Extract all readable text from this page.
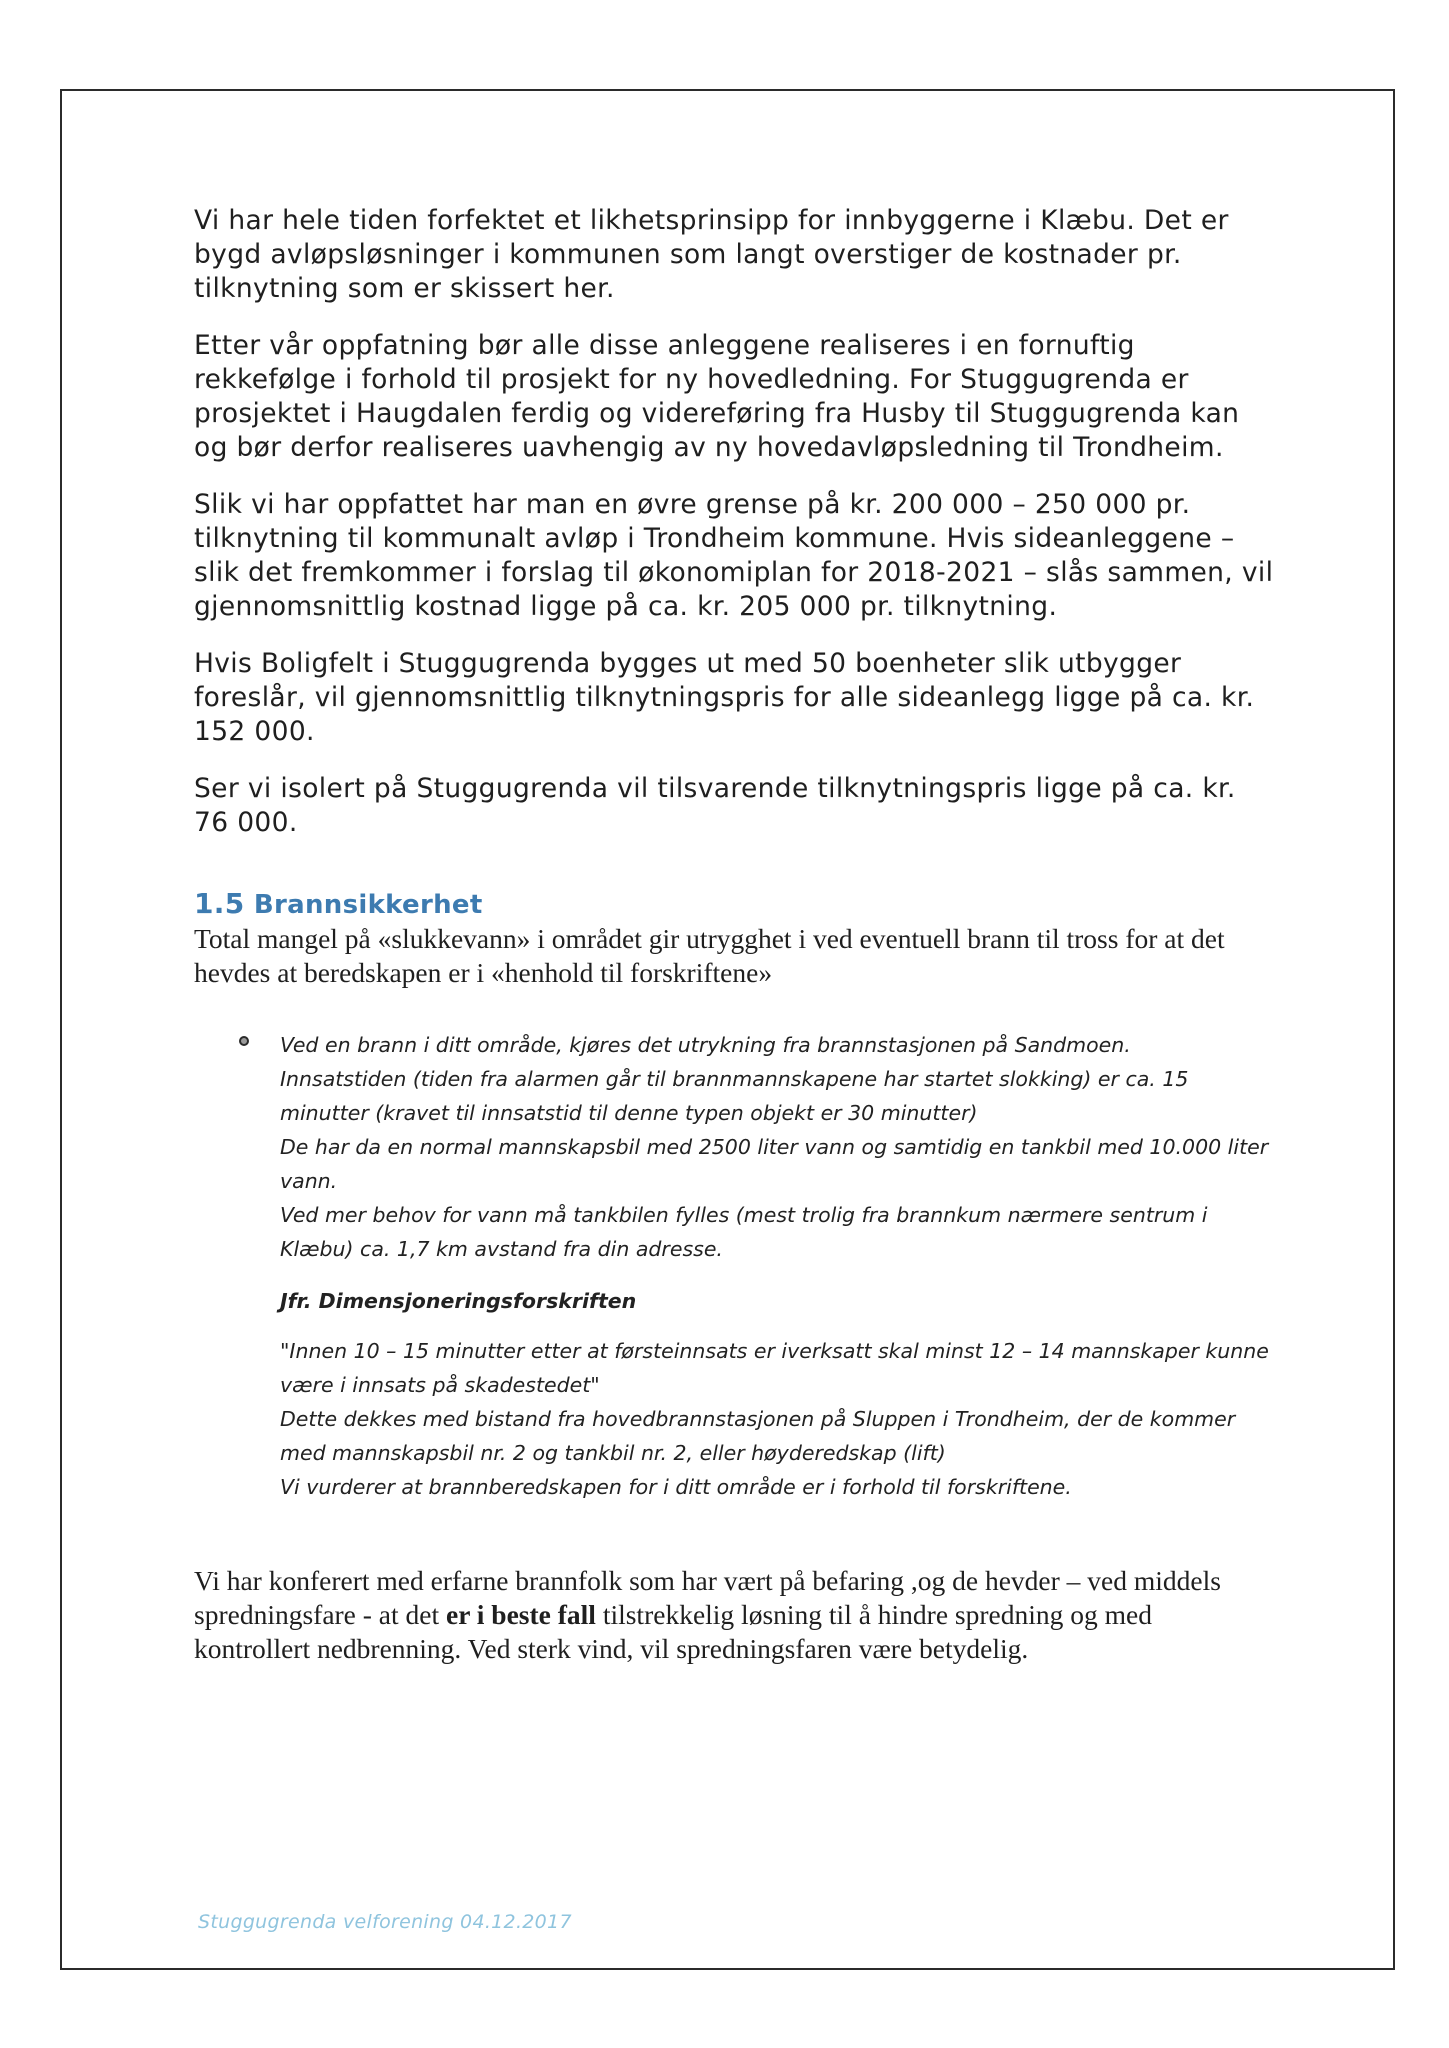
Vi har hele tiden forfektet et likhetsprinsipp for innbyggerne i Klæbu. Det er bygd avløpsløsninger i kommunen som langt overstiger de kostnader pr. tilknytning som er skissert her.

Etter vår oppfatning bør alle disse anleggene realiseres i en fornuftig rekkefølge i forhold til prosjekt for ny hovedledning. For Stuggugrenda er prosjektet i Haugdalen ferdig og videreføring fra Husby til Stuggugrenda kan og bør derfor realiseres uavhengig av ny hovedavløpsledning til Trondheim.

Slik vi har oppfattet har man en øvre grense på kr. 200 000 – 250 000 pr. tilknytning til kommunalt avløp i Trondheim kommune. Hvis sideanleggene – slik det fremkommer i forslag til økonomiplan for 2018-2021 – slås sammen, vil gjennomsnittlig kostnad ligge på ca. kr. 205 000 pr. tilknytning.

Hvis Boligfelt i Stuggugrenda bygges ut med 50 boenheter slik utbygger foreslår, vil gjennomsnittlig tilknytningspris for alle sideanlegg ligge på ca. kr. 152 000.

Ser vi isolert på Stuggugrenda vil tilsvarende tilknytningspris ligge på ca. kr. 76 000.

1.5 Brannsikkerhet

Total mangel på «slukkevann» i området gir utrygghet i ved eventuell brann til tross for at det hevdes at beredskapen er i «henhold til forskriftene»

Ved en brann i ditt område, kjøres det utrykning fra brannstasjonen på Sandmoen.
Innsatstiden (tiden fra alarmen går til brannmannskapene har startet slokking) er ca. 15 minutter (kravet til innsatstid til denne typen objekt er 30 minutter)
De har da en normal mannskapsbil med 2500 liter vann og samtidig en tankbil med 10.000 liter vann.
Ved mer behov for vann må tankbilen fylles (mest trolig fra brannkum nærmere sentrum i Klæbu) ca. 1,7 km avstand fra din adresse.

Jfr. Dimensjoneringsforskriften

"Innen 10 – 15 minutter etter at førsteinnsats er iverksatt skal minst 12 – 14 mannskaper kunne være i innsats på skadestedet"
Dette dekkes med bistand fra hovedbrannstasjonen på Sluppen i Trondheim, der de kommer med mannskapsbil nr. 2 og tankbil nr. 2, eller høyderedskap (lift)
Vi vurderer at brannberedskapen for i ditt område er i forhold til forskriftene.

Vi har konferert med erfarne brannfolk som har vært på befaring ,og de hevder – ved middels spredningsfare - at det er i beste fall tilstrekkelig løsning til å hindre spredning og med kontrollert nedbrenning. Ved sterk vind, vil spredningsfaren være betydelig.

Stuggugrenda velforening 04.12.2017
